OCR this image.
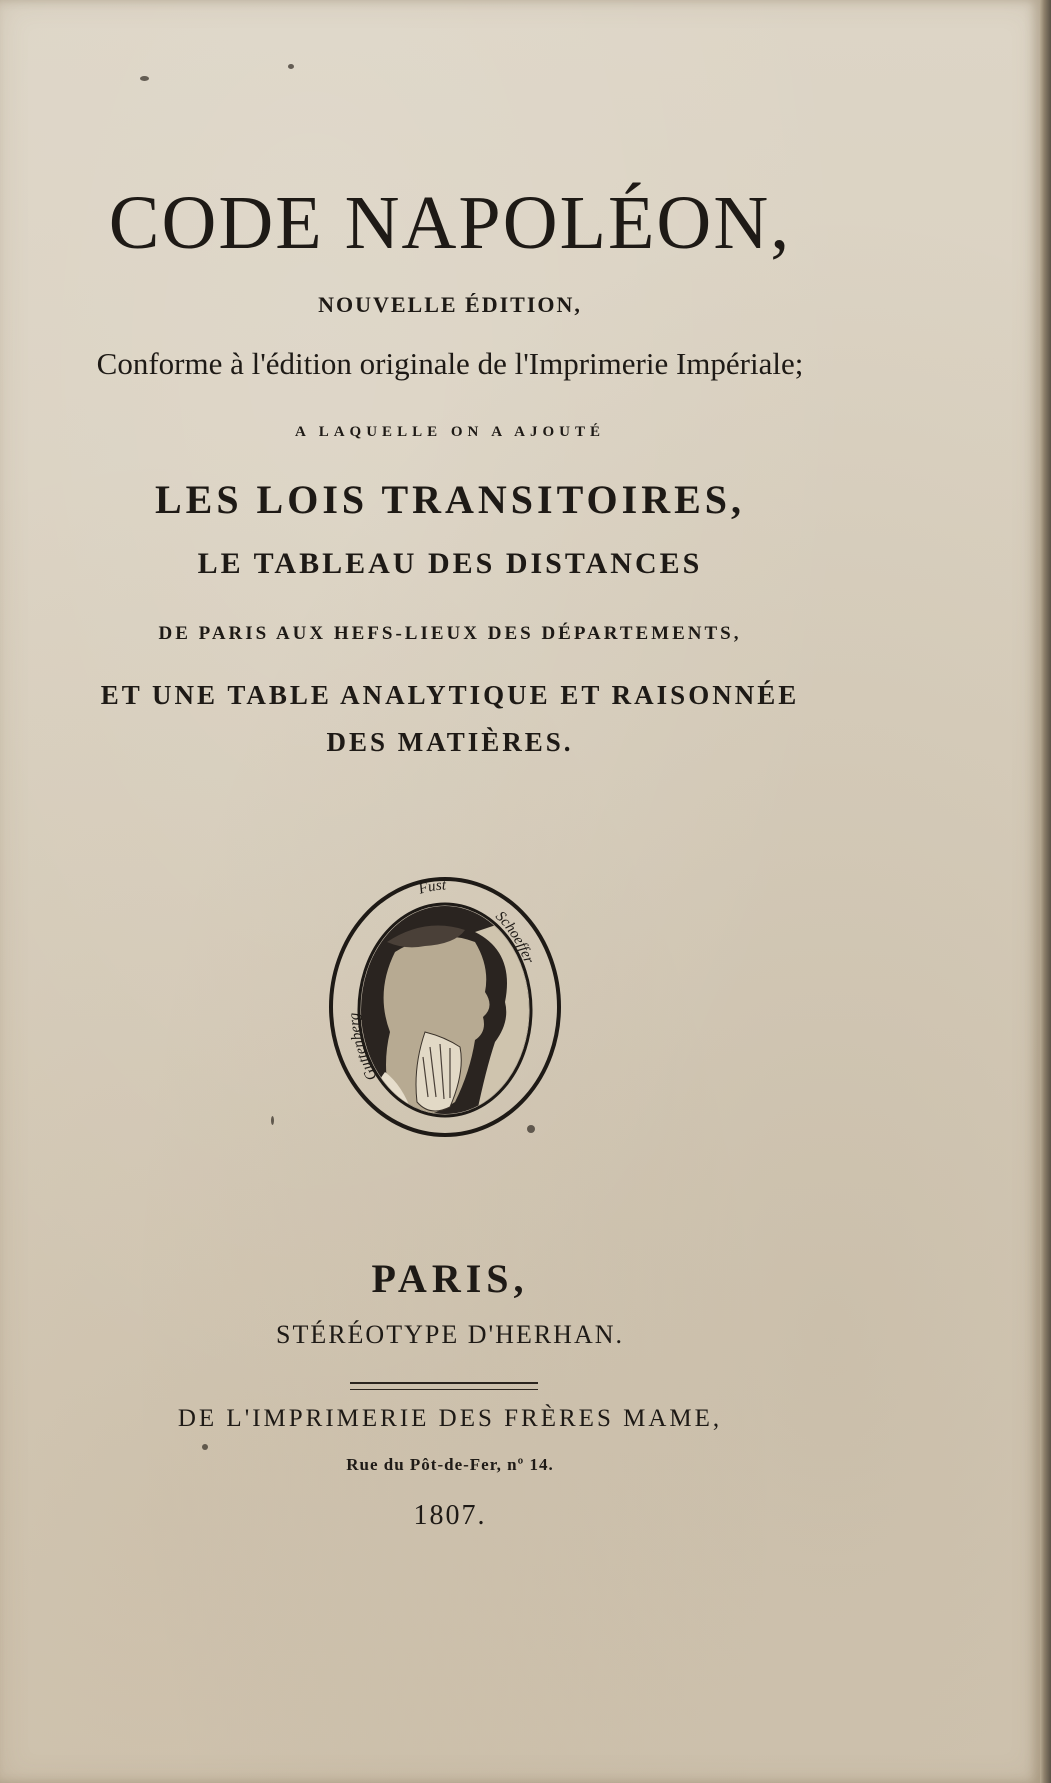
CODE NAPOLÉON,
NOUVELLE ÉDITION,
Conforme à l'édition originale de l'Imprimerie Impériale;
A LAQUELLE ON A AJOUTÉ
LES LOIS TRANSITOIRES,
LE TABLEAU DES DISTANCES
DE PARIS AUX HEFS-LIEUX DES DÉPARTEMENTS,
ET UNE TABLE ANALYTIQUE ET RAISONNÉE
DES MATIÈRES.
Guttenberg
Schoeffer
Fust
PARIS,
STÉRÉOTYPE D'HERHAN.
DE L'IMPRIMERIE DES FRÈRES MAME,
Rue du Pôt-de-Fer, nº 14.
1807.
